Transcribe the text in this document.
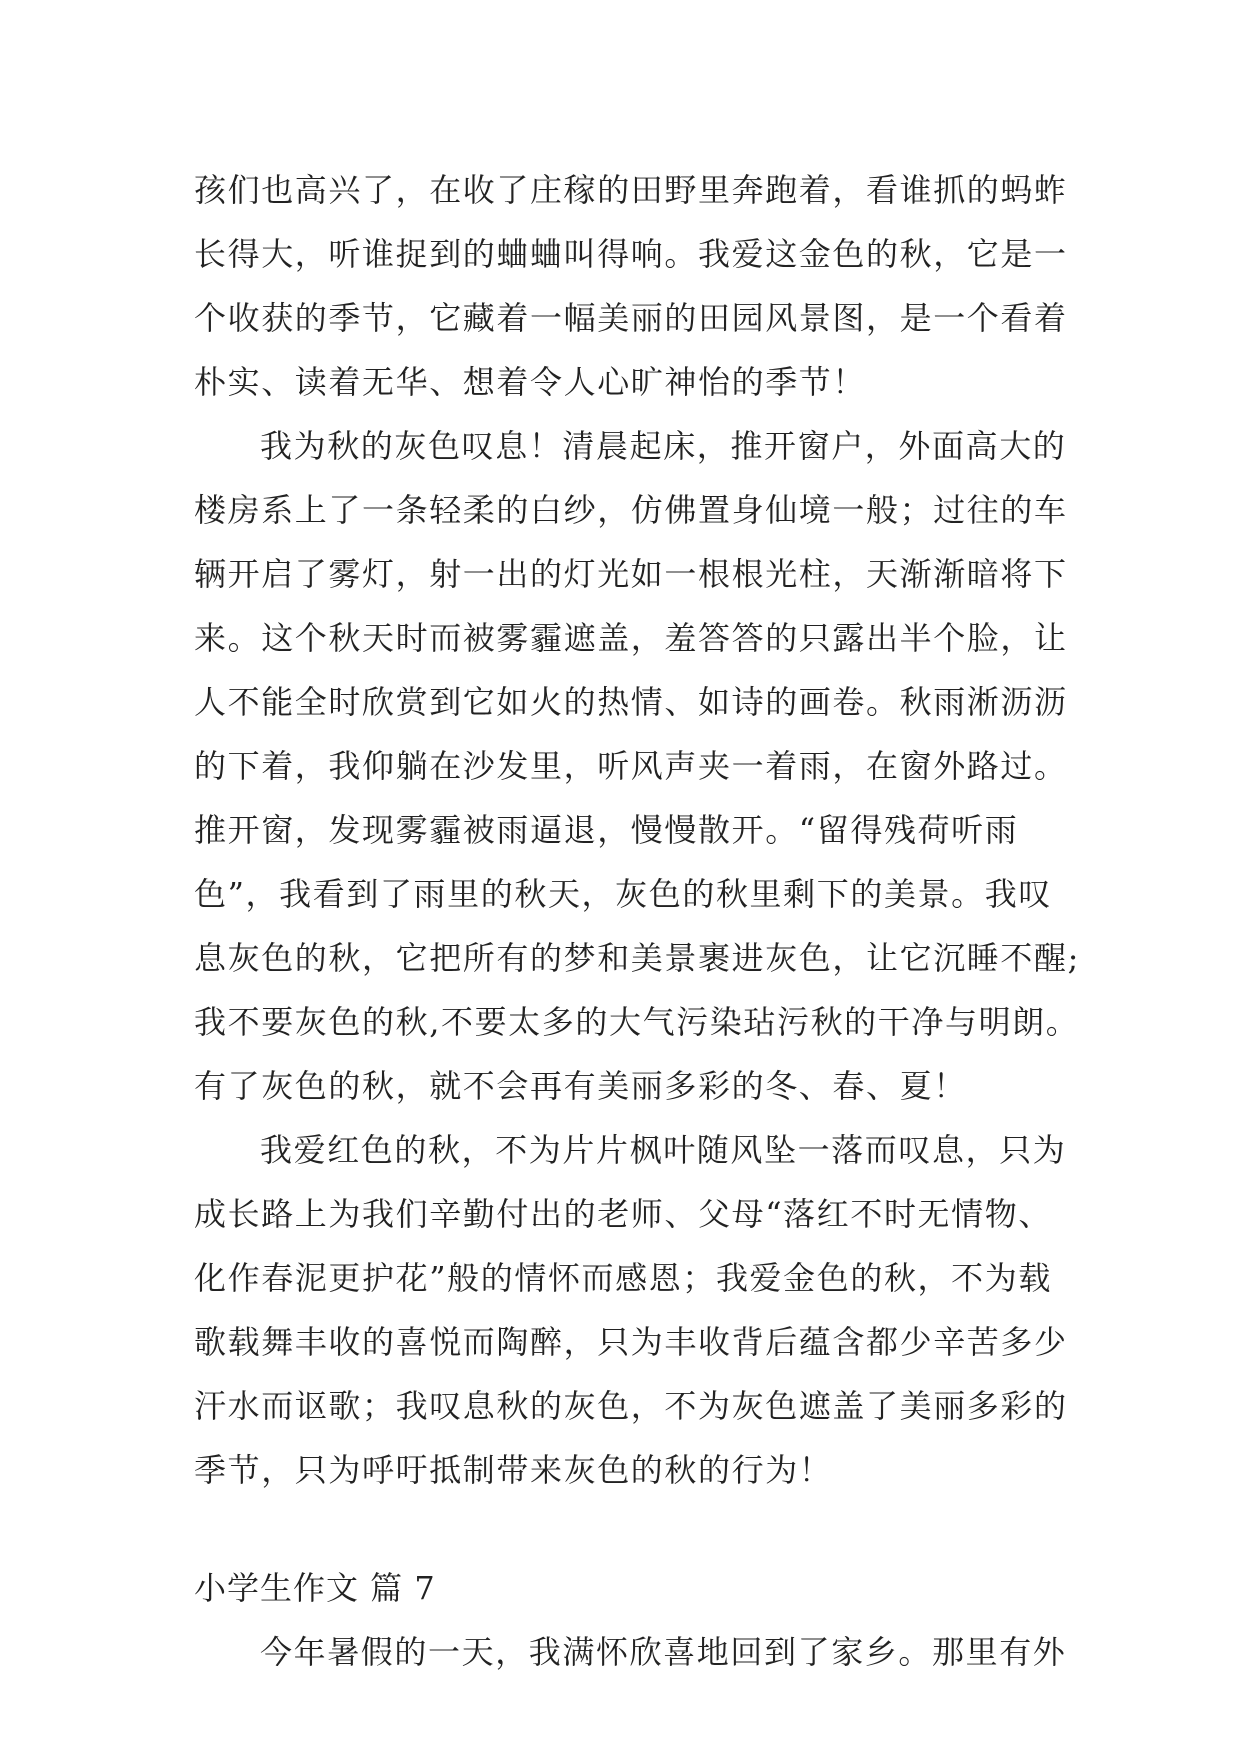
孩们也高兴了，在收了庄稼的田野里奔跑着，看谁抓的蚂蚱
长得大，听谁捉到的蛐蛐叫得响。我爱这金色的秋，它是一
个收获的季节，它藏着一幅美丽的田园风景图，是一个看着
朴实、读着无华、想着令人心旷神怡的季节！
我为秋的灰色叹息！清晨起床，推开窗户，外面高大的
楼房系上了一条轻柔的白纱，仿佛置身仙境一般；过往的车
辆开启了雾灯，射一出的灯光如一根根光柱，天渐渐暗将下
来。这个秋天时而被雾霾遮盖，羞答答的只露出半个脸，让
人不能全时欣赏到它如火的热情、如诗的画卷。秋雨淅沥沥
的下着，我仰躺在沙发里，听风声夹一着雨，在窗外路过。
推开窗，发现雾霾被雨逼退，慢慢散开。“留得残荷听雨
色”，我看到了雨里的秋天，灰色的秋里剩下的美景。我叹
息灰色的秋，它把所有的梦和美景裹进灰色，让它沉睡不醒;
我不要灰色的秋,不要太多的大气污染玷污秋的干净与明朗。
有了灰色的秋，就不会再有美丽多彩的冬、春、夏！
我爱红色的秋，不为片片枫叶随风坠一落而叹息，只为
成长路上为我们辛勤付出的老师、父母“落红不时无情物、
化作春泥更护花”般的情怀而感恩；我爱金色的秋，不为载
歌载舞丰收的喜悦而陶醉，只为丰收背后蕴含都少辛苦多少
汗水而讴歌；我叹息秋的灰色，不为灰色遮盖了美丽多彩的
季节，只为呼吁抵制带来灰色的秋的行为！
小学生作文 篇 7
今年暑假的一天，我满怀欣喜地回到了家乡。那里有外
